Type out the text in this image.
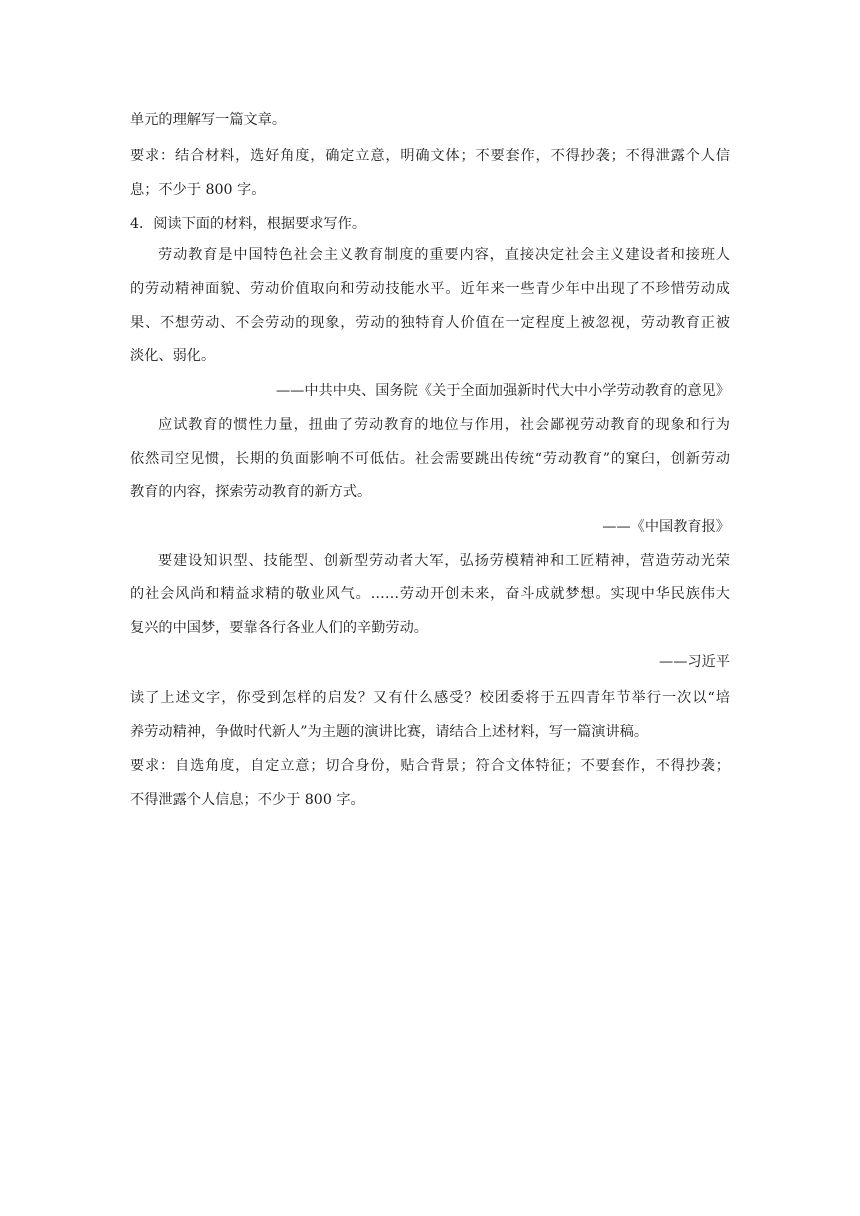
单元的理解写一篇文章。
要求：结合材料，选好角度，确定立意，明确文体；不要套作，不得抄袭；不得泄露个人信
息；不少于 800 字。
4．阅读下面的材料，根据要求写作。
劳动教育是中国特色社会主义教育制度的重要内容，直接决定社会主义建设者和接班人
的劳动精神面貌、劳动价值取向和劳动技能水平。近年来一些青少年中出现了不珍惜劳动成
果、不想劳动、不会劳动的现象，劳动的独特育人价值在一定程度上被忽视，劳动教育正被
淡化、弱化。
——中共中央、国务院《关于全面加强新时代大中小学劳动教育的意见》
应试教育的惯性力量，扭曲了劳动教育的地位与作用，社会鄙视劳动教育的现象和行为
依然司空见惯，长期的负面影响不可低估。社会需要跳出传统“劳动教育”的窠臼，创新劳动
教育的内容，探索劳动教育的新方式。
——《中国教育报》
要建设知识型、技能型、创新型劳动者大军，弘扬劳模精神和工匠精神，营造劳动光荣
的社会风尚和精益求精的敬业风气。……劳动开创未来，奋斗成就梦想。实现中华民族伟大
复兴的中国梦，要靠各行各业人们的辛勤劳动。
——习近平
读了上述文字，你受到怎样的启发？又有什么感受？校团委将于五四青年节举行一次以“培
养劳动精神，争做时代新人”为主题的演讲比赛，请结合上述材料，写一篇演讲稿。
要求：自选角度，自定立意；切合身份，贴合背景；符合文体特征；不要套作，不得抄袭；
不得泄露个人信息；不少于 800 字。
